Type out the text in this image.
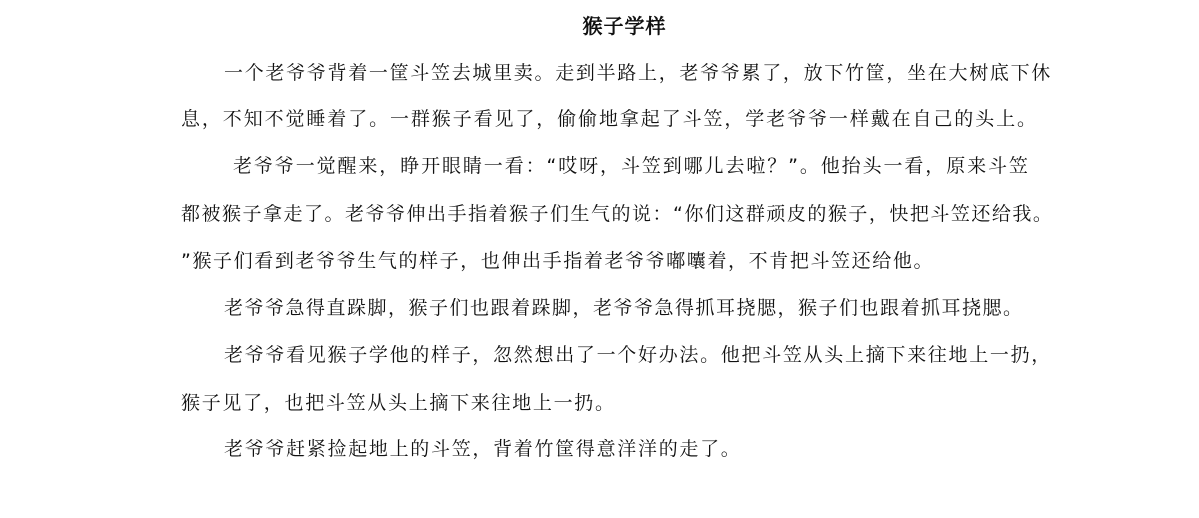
猴子学样
一个老爷爷背着一筐斗笠去城里卖。走到半路上，老爷爷累了，放下竹筐，坐在大树底下休
息，不知不觉睡着了。一群猴子看见了，偷偷地拿起了斗笠，学老爷爷一样戴在自己的头上。
老爷爷一觉醒来，睁开眼睛一看：“哎呀，斗笠到哪儿去啦？”。他抬头一看，原来斗笠
都被猴子拿走了。老爷爷伸出手指着猴子们生气的说：“你们这群顽皮的猴子，快把斗笠还给我。
”猴子们看到老爷爷生气的样子，也伸出手指着老爷爷嘟囔着，不肯把斗笠还给他。
老爷爷急得直跺脚，猴子们也跟着跺脚，老爷爷急得抓耳挠腮，猴子们也跟着抓耳挠腮。
老爷爷看见猴子学他的样子，忽然想出了一个好办法。他把斗笠从头上摘下来往地上一扔，
猴子见了，也把斗笠从头上摘下来往地上一扔。
老爷爷赶紧捡起地上的斗笠，背着竹筐得意洋洋的走了。
